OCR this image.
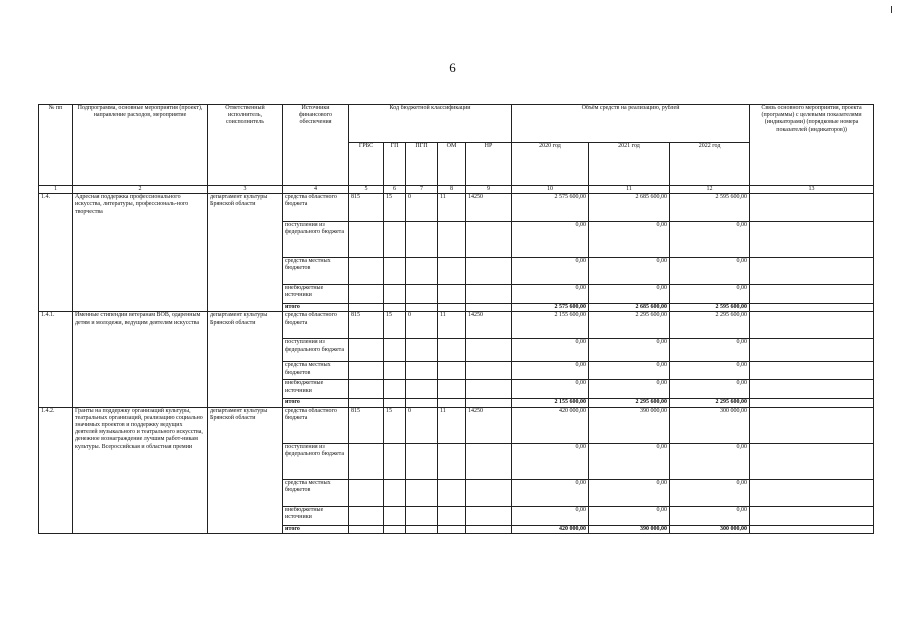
6
№ пп	Подпрограмма, основные мероприятия (проект), направление расходов, мероприятие	Ответственный исполнитель, соисполнитель	Источники финансового обеспечения	Код бюджетной классификации					Объём средств на реализацию, рублей			Связь основного мероприятия, проекта (программы) с целевыми показателями (индикаторами) (порядковые номера показателей (индикаторов))
				ГРБС	ГП	ПГП	ОМ	НР	2020 год	2021 год	2022 год	
1	2	3	4	5	6	7	8	9	10	11	12	13
1.4.	Адресная поддержка профессионального искусства, литературы, профессиональ-ного творчества	департамент культуры Брянской области	средства областного бюджета	815	15	0	11	14250	2 575 600,00	2 685 600,00	2 595 600,00	
			поступления из федерального бюджета						0,00	0,00	0,00	
			средства местных бюджетов						0,00	0,00	0,00	
			внебюджетные источники						0,00	0,00	0,00	
			итого						2 575 600,00	2 685 600,00	2 595 600,00	
1.4.1.	Именные стипендии ветеранам ВОВ, одаренным детям и молодежи, ведущим деятелям искусства	департамент культуры Брянской области	средства областного бюджета	815	15	0	11	14250	2 155 600,00	2 295 600,00	2 295 600,00	
			поступления из федерального бюджета						0,00	0,00	0,00	
			средства местных бюджетов						0,00	0,00	0,00	
			внебюджетные источники						0,00	0,00	0,00	
			итого						2 155 600,00	2 295 600,00	2 295 600,00	
1.4.2.	Гранты на поддержку организаций культуры, театральных организаций, реализацию социально значимых проектов и поддержку ведущих деятелей музыкального и театрального искусства, денежное вознаграждение лучшим работ-никам культуры. Всероссийская и областная премии	департамент культуры Брянской области	средства областного бюджета	815	15	0	11	14250	420 000,00	390 000,00	300 000,00	
			поступления из федерального бюджета						0,00	0,00	0,00	
			средства местных бюджетов						0,00	0,00	0,00	
			внебюджетные источники						0,00	0,00	0,00	
			итого						420 000,00	390 000,00	300 000,00	
